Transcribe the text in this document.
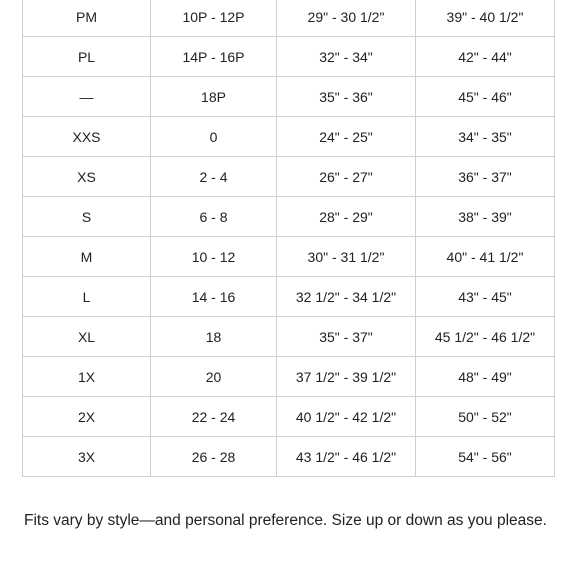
PM	10P - 12P	29" - 30 1/2"	39" - 40 1/2"
PL	14P - 16P	32" - 34"	42" - 44"
—	18P	35" - 36"	45" - 46"
XXS	0	24" - 25"	34" - 35"
XS	2 - 4	26" - 27"	36" - 37"
S	6 - 8	28" - 29"	38" - 39"
M	10 - 12	30" - 31 1/2"	40" - 41 1/2"
L	14 - 16	32 1/2" - 34 1/2"	43" - 45"
XL	18	35" - 37"	45 1/2" - 46 1/2"
1X	20	37 1/2" - 39 1/2"	48" - 49"
2X	22 - 24	40 1/2" - 42 1/2"	50" - 52"
3X	26 - 28	43 1/2" - 46 1/2"	54" - 56"

Fits vary by style—and personal preference. Size up or down as you please.
